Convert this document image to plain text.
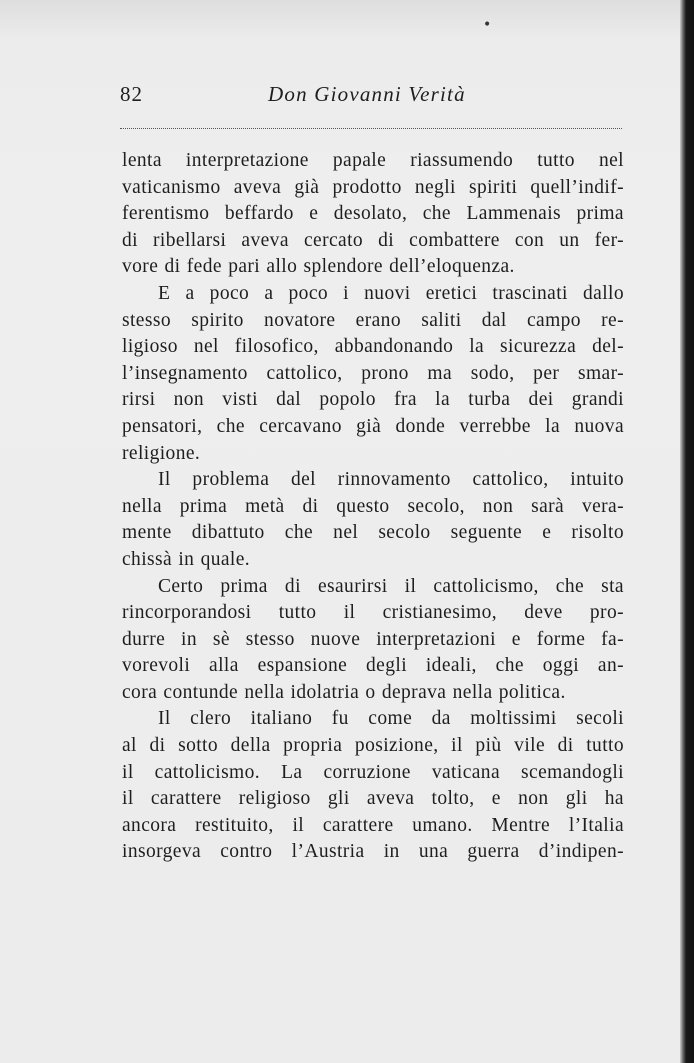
•
82	Don Giovanni Verità
lenta interpretazione papale riassumendo tutto nel
vaticanismo aveva già prodotto negli spiriti quell’indif-
ferentismo beffardo e desolato, che Lammenais prima
di ribellarsi aveva cercato di combattere con un fer-
vore di fede pari allo splendore dell’eloquenza.
E a poco a poco i nuovi eretici trascinati dallo
stesso spirito novatore erano saliti dal campo re-
ligioso nel filosofico, abbandonando la sicurezza del-
l’insegnamento cattolico, prono ma sodo, per smar-
rirsi non visti dal popolo fra la turba dei grandi
pensatori, che cercavano già donde verrebbe la nuova
religione.
Il problema del rinnovamento cattolico, intuito
nella prima metà di questo secolo, non sarà vera-
mente dibattuto che nel secolo seguente e risolto
chissà in quale.
Certo prima di esaurirsi il cattolicismo, che sta
rincorporandosi tutto il cristianesimo, deve pro-
durre in sè stesso nuove interpretazioni e forme fa-
vorevoli alla espansione degli ideali, che oggi an-
cora contunde nella idolatria o deprava nella politica.
Il clero italiano fu come da moltissimi secoli
al di sotto della propria posizione, il più vile di tutto
il cattolicismo. La corruzione vaticana scemandogli
il carattere religioso gli aveva tolto, e non gli ha
ancora restituito, il carattere umano. Mentre l’Italia
insorgeva contro l’Austria in una guerra d’indipen-
